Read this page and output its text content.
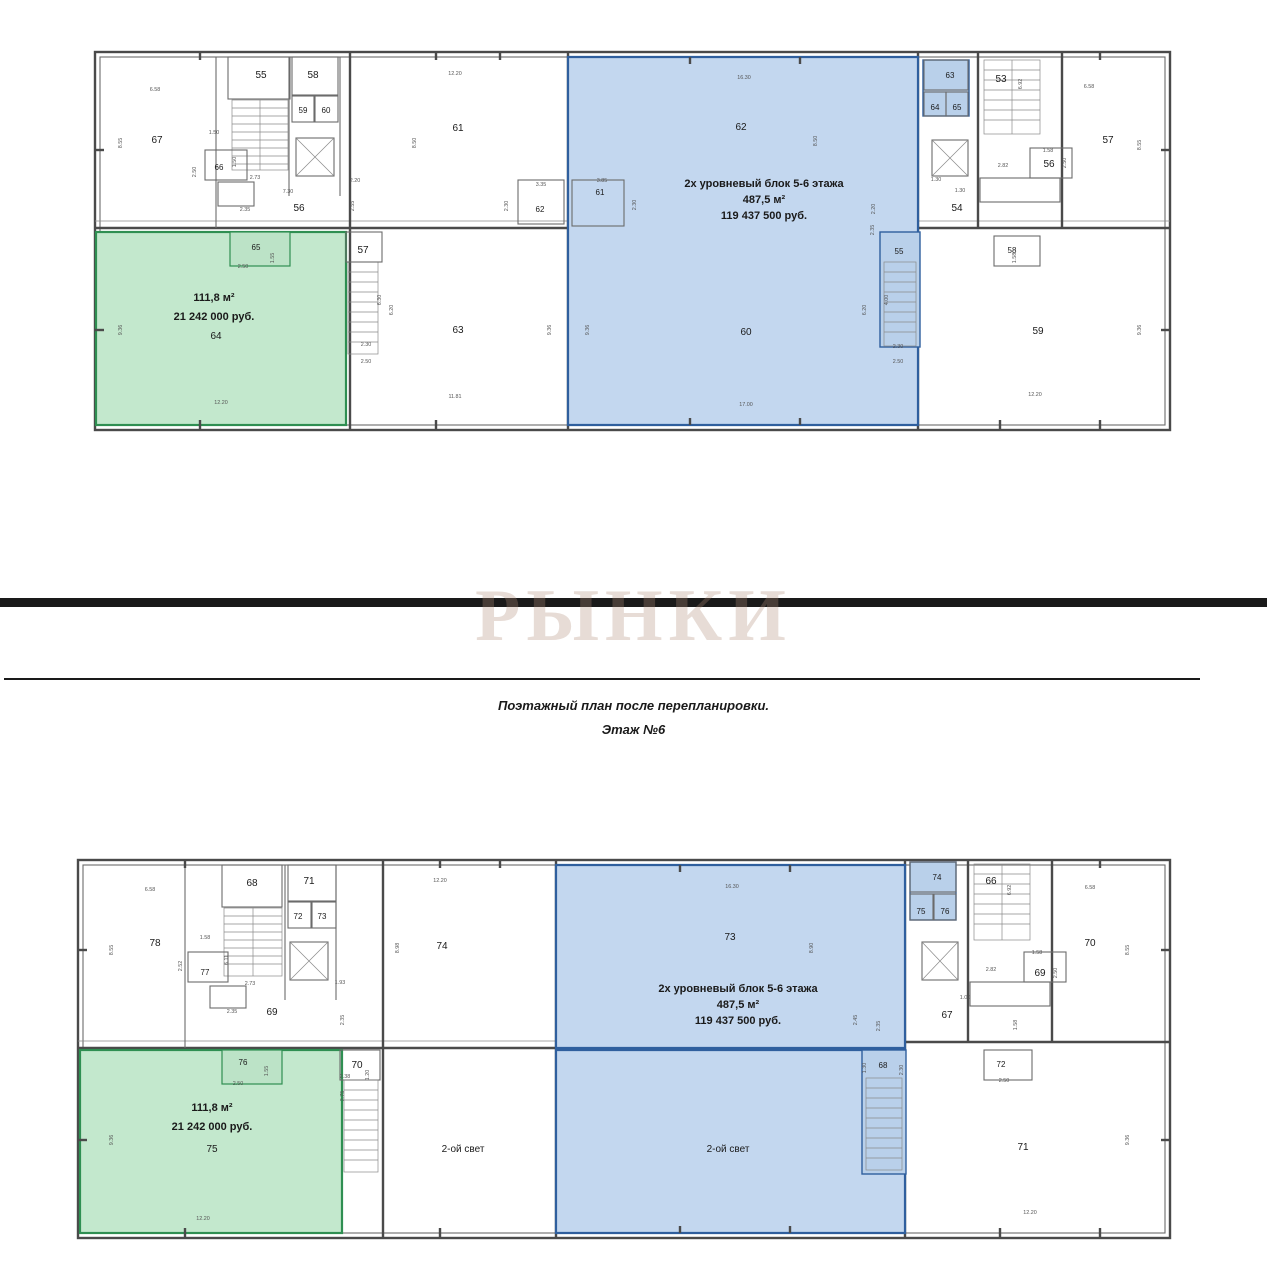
55	58
59 60
63
64 65
53
67
66
56
61	62
62
61
57
56
54
55	58
65
64
57
63	60	59
6.58
12.20
16.30
6.58
1.50
2.73
7.30
2.35
2.20
3.35
3.85
2.82
1.58
1.30
1.30
2.50
2.30
2.50
2.30
2.50
11.81
17.00
12.20
12.20
8.55	8.50	8.50	8.55
6.92
2.50
1.50
2.50
2.55	2.30	2.30	2.20
2.35
1.58
9.36
6.30
6.20
9.36	9.36
6.20
4.00
9.36
1.55
2х уровневый блок 5-6 этажа
487,5 м²
119 437 500 руб.
111,8 м²
21 242 000 руб.
РЫНКИ
Поэтажный план после перепланировки.
Этаж №6
68	71
72 73
74
75 76
66
78
77
69
74
73
70
69
67
76
75
70	68	72
71
6.58
12.20
16.30	6.58
1.58
2.73
2.35
1.93
2.82
1.58
1.00
2.50
2.38
2.50
12.20
12.20
8.55	8.98	8.90	8.55
6.92
2.50
2.52
6.11
2.35	2.45
2.35	1.58
9.36
1.55	1.20
2.75
1.30	2.30
9.36
2х уровневый блок 5-6 этажа
487,5 м²
119 437 500 руб.
111,8 м²
21 242 000 руб.
2-ой свет	2-ой свет
